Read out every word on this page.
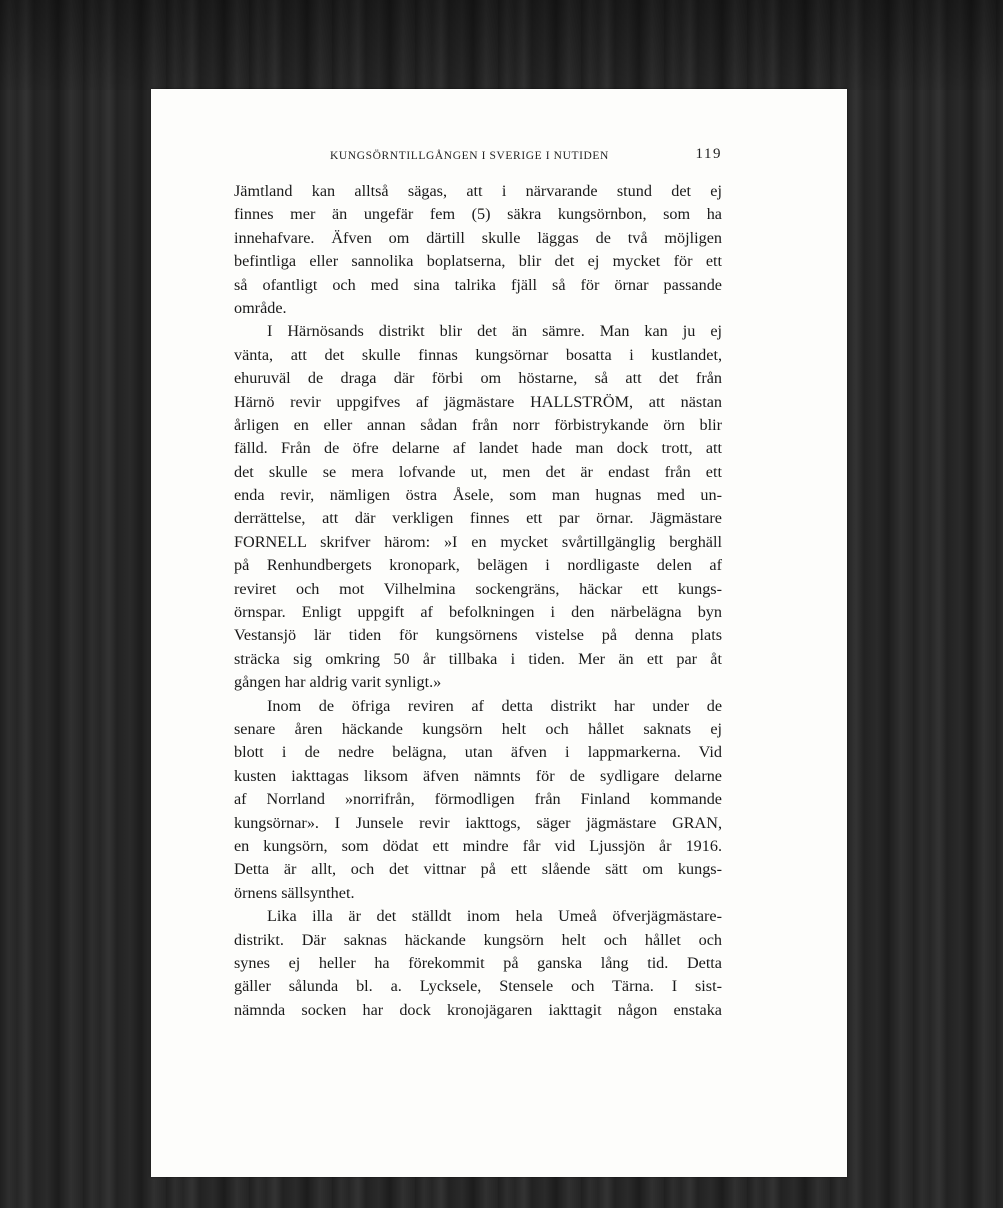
KUNGSÖRNTILLGÅNGEN I SVERIGE I NUTIDEN	119
Jämtland kan alltså sägas, att i närvarande stund det ej
finnes mer än ungefär fem (5) säkra kungsörnbon, som ha
innehafvare. Äfven om därtill skulle läggas de två möjligen
befintliga eller sannolika boplatserna, blir det ej mycket för ett
så ofantligt och med sina talrika fjäll så för örnar passande
område.
I Härnösands distrikt blir det än sämre. Man kan ju ej
vänta, att det skulle finnas kungsörnar bosatta i kustlandet,
ehuruväl de draga där förbi om höstarne, så att det från
Härnö revir uppgifves af jägmästare HALLSTRÖM, att nästan
årligen en eller annan sådan från norr förbistrykande örn blir
fälld. Från de öfre delarne af landet hade man dock trott, att
det skulle se mera lofvande ut, men det är endast från ett
enda revir, nämligen östra Åsele, som man hugnas med un-
derrättelse, att där verkligen finnes ett par örnar. Jägmästare
FORNELL skrifver härom: »I en mycket svårtillgänglig berghäll
på Renhundbergets kronopark, belägen i nordligaste delen af
reviret och mot Vilhelmina sockengräns, häckar ett kungs-
örnspar. Enligt uppgift af befolkningen i den närbelägna byn
Vestansjö lär tiden för kungsörnens vistelse på denna plats
sträcka sig omkring 50 år tillbaka i tiden. Mer än ett par åt
gången har aldrig varit synligt.»
Inom de öfriga reviren af detta distrikt har under de
senare åren häckande kungsörn helt och hållet saknats ej
blott i de nedre belägna, utan äfven i lappmarkerna. Vid
kusten iakttagas liksom äfven nämnts för de sydligare delarne
af Norrland »norrifrån, förmodligen från Finland kommande
kungsörnar». I Junsele revir iakttogs, säger jägmästare GRAN,
en kungsörn, som dödat ett mindre får vid Ljussjön år 1916.
Detta är allt, och det vittnar på ett slående sätt om kungs-
örnens sällsynthet.
Lika illa är det ställdt inom hela Umeå öfverjägmästare-
distrikt. Där saknas häckande kungsörn helt och hållet och
synes ej heller ha förekommit på ganska lång tid. Detta
gäller sålunda bl. a. Lycksele, Stensele och Tärna. I sist-
nämnda socken har dock kronojägaren iakttagit någon enstaka
